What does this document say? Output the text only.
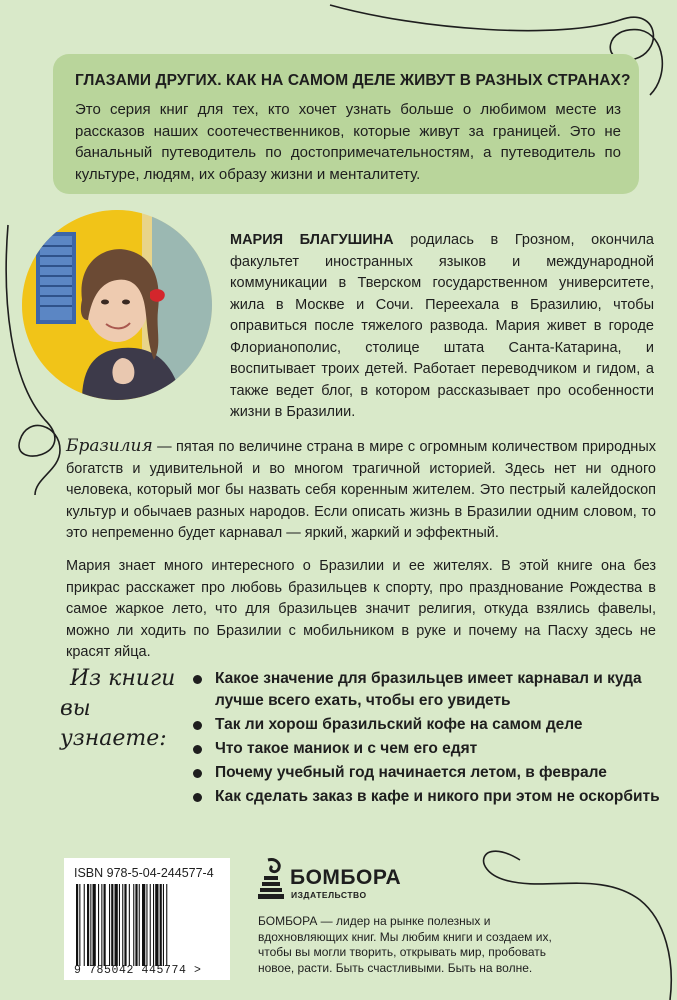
ГЛАЗАМИ ДРУГИХ. КАК НА САМОМ ДЕЛЕ ЖИВУТ В РАЗНЫХ СТРАНАХ?

Это серия книг для тех, кто хочет узнать больше о любимом месте из рассказов наших соотечественников, которые живут за границей. Это не банальный путеводитель по достопримечательностям, а путеводитель по культуре, людям, их образу жизни и менталитету.

МАРИЯ БЛАГУШИНА родилась в Грозном, окончила факультет иностранных языков и международной коммуникации в Тверском государственном университете, жила в Москве и Сочи. Переехала в Бразилию, чтобы оправиться после тяжелого развода. Мария живет в городе Флорианополис, столице штата Санта-Катарина, и воспитывает троих детей. Работает переводчиком и гидом, а также ведет блог, в котором рассказывает про особенности жизни в Бразилии.

Бразилия — пятая по величине страна в мире с огромным количеством природных богатств и удивительной и во многом трагичной историей. Здесь нет ни одного человека, который мог бы назвать себя коренным жителем. Это пестрый калейдоскоп культур и обычаев разных народов. Если описать жизнь в Бразилии одним словом, то это непременно будет карнавал — яркий, жаркий и эффектный.

Мария знает много интересного о Бразилии и ее жителях. В этой книге она без прикрас расскажет про любовь бразильцев к спорту, про празднование Рождества в самое жаркое лето, что для бразильцев значит религия, откуда взялись фавелы, можно ли ходить по Бразилии с мобильником в руке и почему на Пасху здесь не красят яйца.

Из книги
вы узнаете:
Какое значение для бразильцев имеет карнавал и куда лучше всего ехать, чтобы его увидеть
Так ли хорош бразильский кофе на самом деле
Что такое маниок и с чем его едят
Почему учебный год начинается летом, в феврале
Как сделать заказ в кафе и никого при этом не оскорбить

ISBN 978-5-04-244577-4

9 785042 445774 >
БОМБОРА
ИЗДАТЕЛЬСТВО

БОМБОРА — лидер на рынке полезных и вдохновляющих книг. Мы любим книги и создаем их, чтобы вы могли творить, открывать мир, пробовать новое, расти. Быть счастливыми. Быть на волне.
